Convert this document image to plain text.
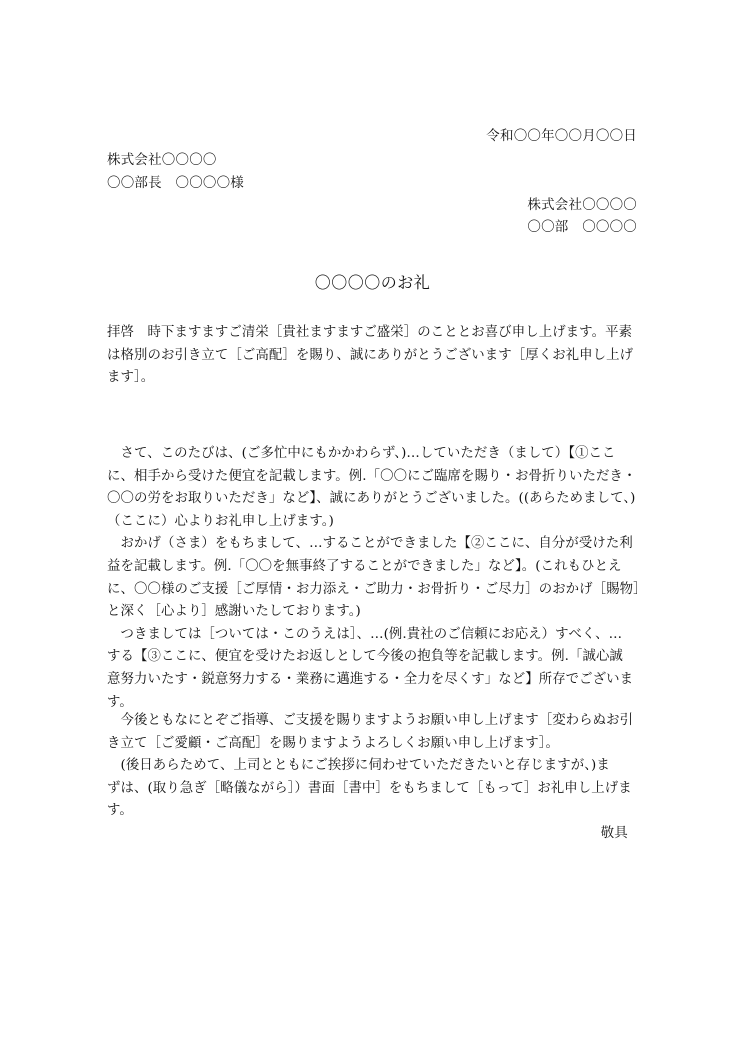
令和〇〇年〇〇月〇〇日
株式会社〇〇〇〇
〇〇部長　〇〇〇〇様
株式会社〇〇〇〇
〇〇部　〇〇〇〇
〇〇〇〇のお礼
拝啓　時下ますますご清栄［貴社ますますご盛栄］のこととお喜び申し上げます。平素
は格別のお引き立て［ご高配］を賜り、誠にありがとうございます［厚くお礼申し上げ
ます］。
　さて、このたびは、(ご多忙中にもかかわらず、)…していただき（まして）【①ここ
に、相手から受けた便宜を記載します。例.「〇〇にご臨席を賜り・お骨折りいただき・
〇〇の労をお取りいただき」など】、誠にありがとうございました。((あらためまして、)
（ここに）心よりお礼申し上げます。)
　おかげ（さま）をもちまして、…することができました【②ここに、自分が受けた利
益を記載します。例.「〇〇を無事終了することができました」など】。(これもひとえ
に、〇〇様のご支援［ご厚情・お力添え・ご助力・お骨折り・ご尽力］のおかげ［賜物］
と深く［心より］感謝いたしております。)
　つきましては［ついては・このうえは］、…(例.貴社のご信頼にお応え）すべく、…
する【③ここに、便宜を受けたお返しとして今後の抱負等を記載します。例.「誠心誠
意努力いたす・鋭意努力する・業務に邁進する・全力を尽くす」など】所存でございま
す。
　今後ともなにとぞご指導、ご支援を賜りますようお願い申し上げます［変わらぬお引
き立て［ご愛顧・ご高配］を賜りますようよろしくお願い申し上げます］。
　(後日あらためて、上司とともにご挨拶に伺わせていただきたいと存じますが、)ま
ずは、(取り急ぎ［略儀ながら］）書面［書中］をもちまして［もって］お礼申し上げま
す。
敬具
